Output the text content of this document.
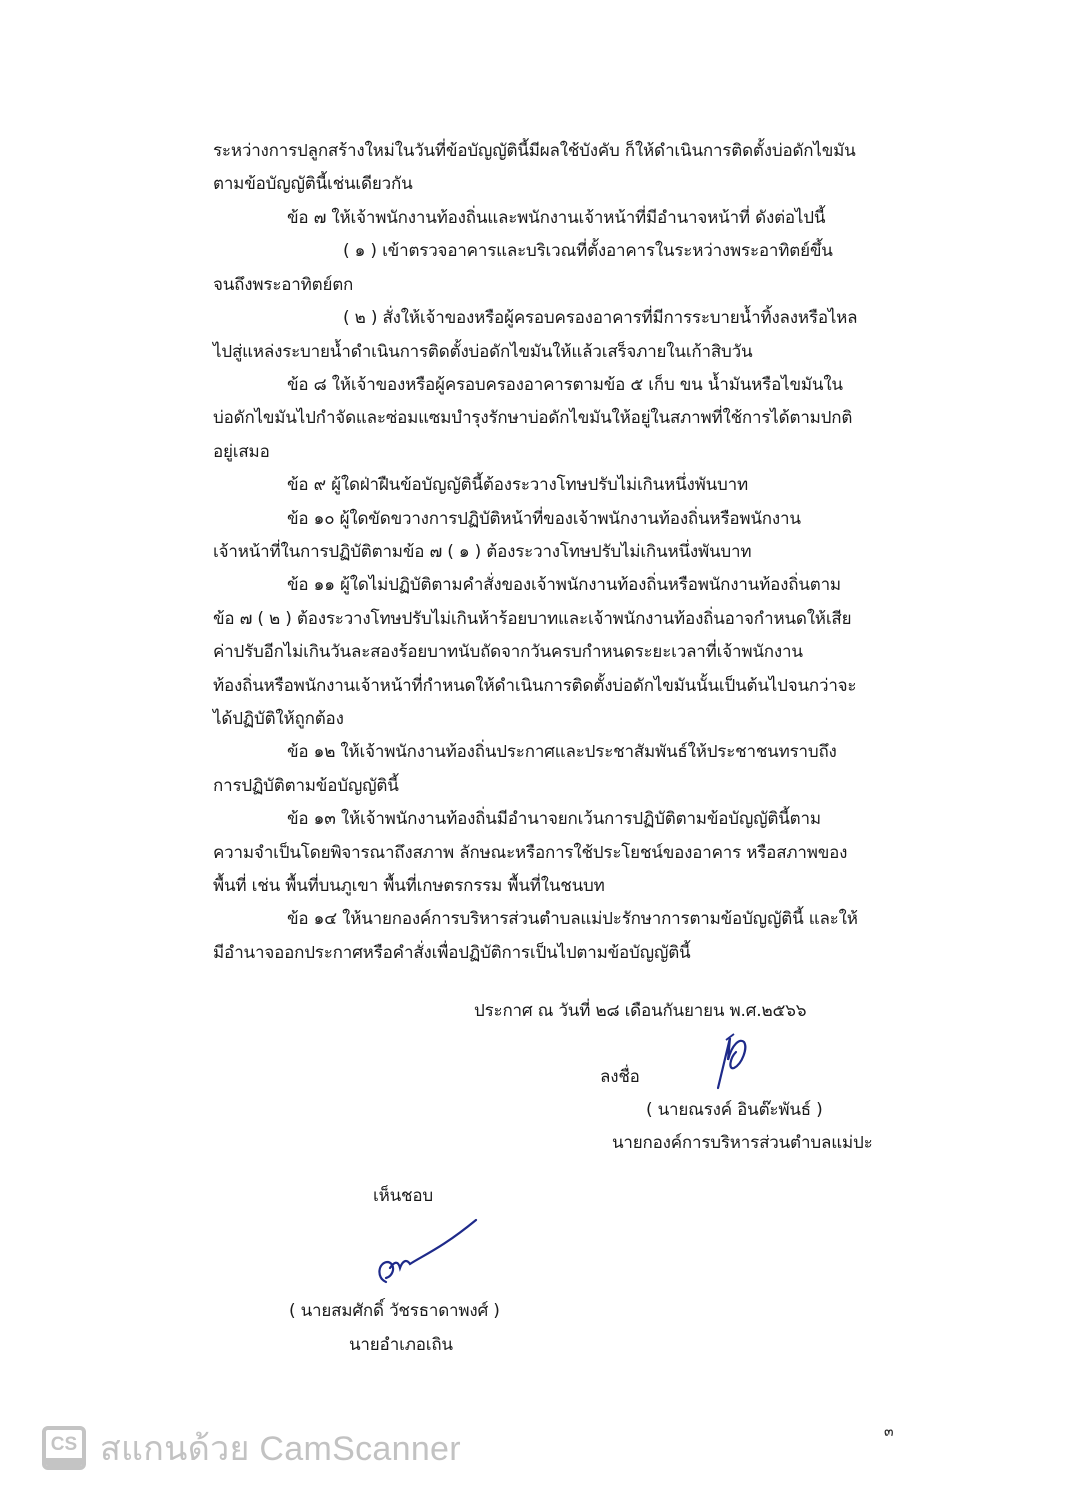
ระหว่างการปลูกสร้างใหม่ในวันที่ข้อบัญญัตินี้มีผลใช้บังคับ ก็ให้ดำเนินการติดตั้งบ่อดักไขมัน
ตามข้อบัญญัตินี้เช่นเดียวกัน
ข้อ ๗ ให้เจ้าพนักงานท้องถิ่นและพนักงานเจ้าหน้าที่มีอำนาจหน้าที่ ดังต่อไปนี้
( ๑ ) เข้าตรวจอาคารและบริเวณที่ตั้งอาคารในระหว่างพระอาทิตย์ขึ้น
จนถึงพระอาทิตย์ตก
( ๒ ) สั่งให้เจ้าของหรือผู้ครอบครองอาคารที่มีการระบายน้ำทิ้งลงหรือไหล
ไปสู่แหล่งระบายน้ำดำเนินการติดตั้งบ่อดักไขมันให้แล้วเสร็จภายในเก้าสิบวัน
ข้อ ๘ ให้เจ้าของหรือผู้ครอบครองอาคารตามข้อ ๕ เก็บ ขน น้ำมันหรือไขมันใน
บ่อดักไขมันไปกำจัดและซ่อมแซมบำรุงรักษาบ่อดักไขมันให้อยู่ในสภาพที่ใช้การได้ตามปกติ
อยู่เสมอ
ข้อ ๙ ผู้ใดฝ่าฝืนข้อบัญญัตินี้ต้องระวางโทษปรับไม่เกินหนึ่งพันบาท
ข้อ ๑๐ ผู้ใดขัดขวางการปฏิบัติหน้าที่ของเจ้าพนักงานท้องถิ่นหรือพนักงาน
เจ้าหน้าที่ในการปฏิบัติตามข้อ ๗ ( ๑ ) ต้องระวางโทษปรับไม่เกินหนึ่งพันบาท
ข้อ ๑๑ ผู้ใดไม่ปฏิบัติตามคำสั่งของเจ้าพนักงานท้องถิ่นหรือพนักงานท้องถิ่นตาม
ข้อ ๗ ( ๒ ) ต้องระวางโทษปรับไม่เกินห้าร้อยบาทและเจ้าพนักงานท้องถิ่นอาจกำหนดให้เสีย
ค่าปรับอีกไม่เกินวันละสองร้อยบาทนับถัดจากวันครบกำหนดระยะเวลาที่เจ้าพนักงาน
ท้องถิ่นหรือพนักงานเจ้าหน้าที่กำหนดให้ดำเนินการติดตั้งบ่อดักไขมันนั้นเป็นต้นไปจนกว่าจะ
ได้ปฏิบัติให้ถูกต้อง
ข้อ ๑๒ ให้เจ้าพนักงานท้องถิ่นประกาศและประชาสัมพันธ์ให้ประชาชนทราบถึง
การปฏิบัติตามข้อบัญญัตินี้
ข้อ ๑๓ ให้เจ้าพนักงานท้องถิ่นมีอำนาจยกเว้นการปฏิบัติตามข้อบัญญัตินี้ตาม
ความจำเป็นโดยพิจารณาถึงสภาพ ลักษณะหรือการใช้ประโยชน์ของอาคาร หรือสภาพของ
พื้นที่ เช่น พื้นที่บนภูเขา พื้นที่เกษตรกรรม พื้นที่ในชนบท
ข้อ ๑๔ ให้นายกองค์การบริหารส่วนตำบลแม่ปะรักษาการตามข้อบัญญัตินี้ และให้
มีอำนาจออกประกาศหรือคำสั่งเพื่อปฏิบัติการเป็นไปตามข้อบัญญัตินี้
ประกาศ ณ วันที่ ๒๘ เดือนกันยายน พ.ศ.๒๕๖๖
ลงชื่อ
( นายณรงค์ อินต๊ะพันธ์ )
นายกองค์การบริหารส่วนตำบลแม่ปะ
เห็นชอบ
( นายสมศักดิ์ วัชรธาดาพงศ์ )
นายอำเภอเถิน
๓
CS สแกนด้วย CamScanner
